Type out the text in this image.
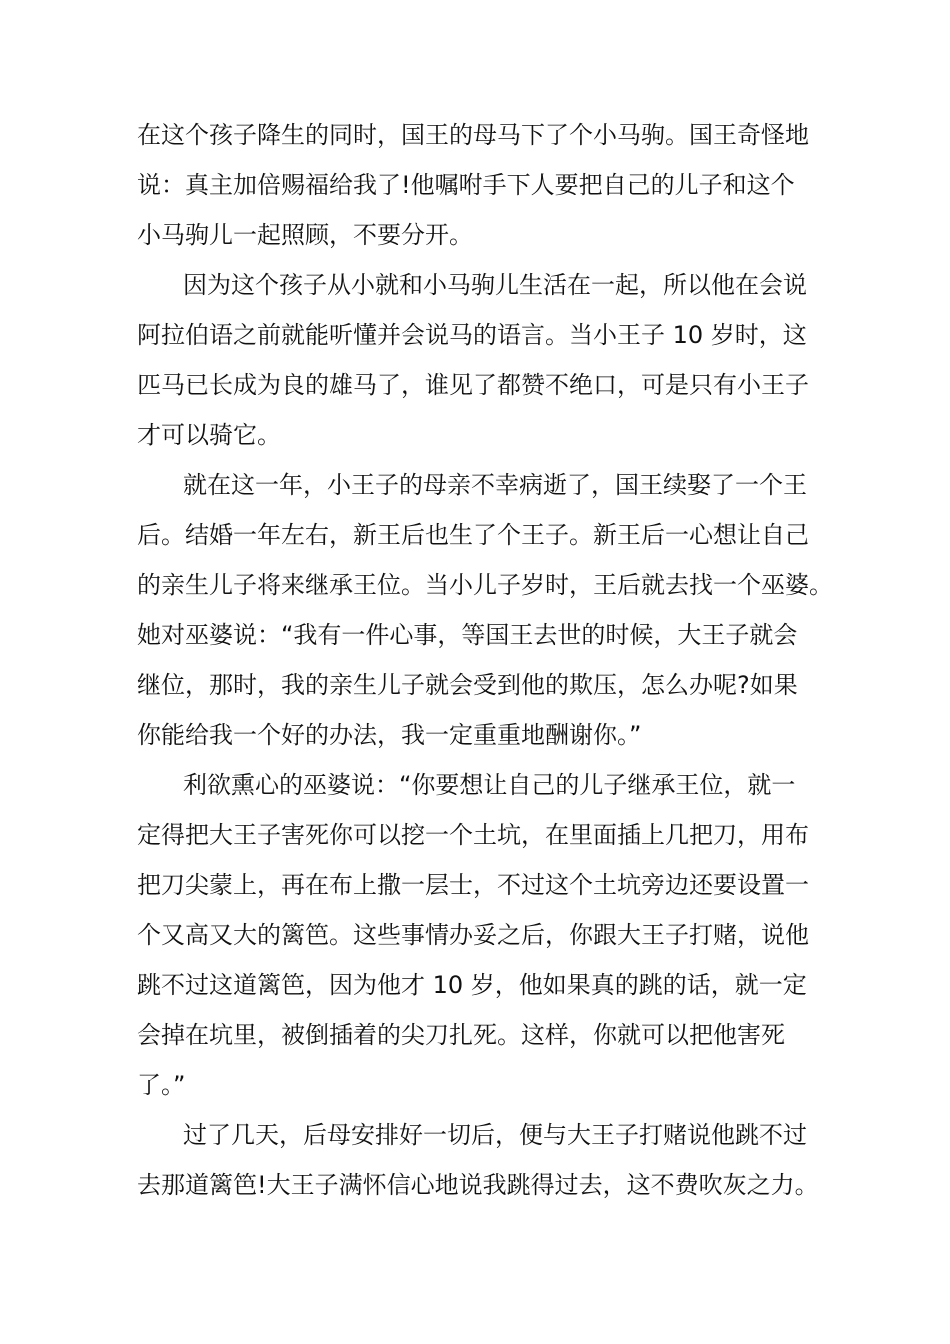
在这个孩子降生的同时，国王的母马下了个小马驹。国王奇怪地

说：真主加倍赐福给我了!他嘱咐手下人要把自己的儿子和这个

小马驹儿一起照顾，不要分开。

因为这个孩子从小就和小马驹儿生活在一起，所以他在会说

阿拉伯语之前就能听懂并会说马的语言。当小王子 10 岁时，这

匹马已长成为良的雄马了，谁见了都赞不绝口，可是只有小王子

才可以骑它。

就在这一年，小王子的母亲不幸病逝了，国王续娶了一个王

后。结婚一年左右，新王后也生了个王子。新王后一心想让自己

的亲生儿子将来继承王位。当小儿子岁时，王后就去找一个巫婆。

她对巫婆说：“我有一件心事，等国王去世的时候，大王子就会

继位，那时，我的亲生儿子就会受到他的欺压，怎么办呢?如果

你能给我一个好的办法，我一定重重地酬谢你。”

利欲熏心的巫婆说：“你要想让自己的儿子继承王位，就一

定得把大王子害死你可以挖一个土坑，在里面插上几把刀，用布

把刀尖蒙上，再在布上撒一层士，不过这个土坑旁边还要设置一

个又高又大的篱笆。这些事情办妥之后，你跟大王子打赌，说他

跳不过这道篱笆，因为他才 10 岁，他如果真的跳的话，就一定

会掉在坑里，被倒插着的尖刀扎死。这样，你就可以把他害死

了。”

过了几天，后母安排好一切后，便与大王子打赌说他跳不过

去那道篱笆!大王子满怀信心地说我跳得过去，这不费吹灰之力。
